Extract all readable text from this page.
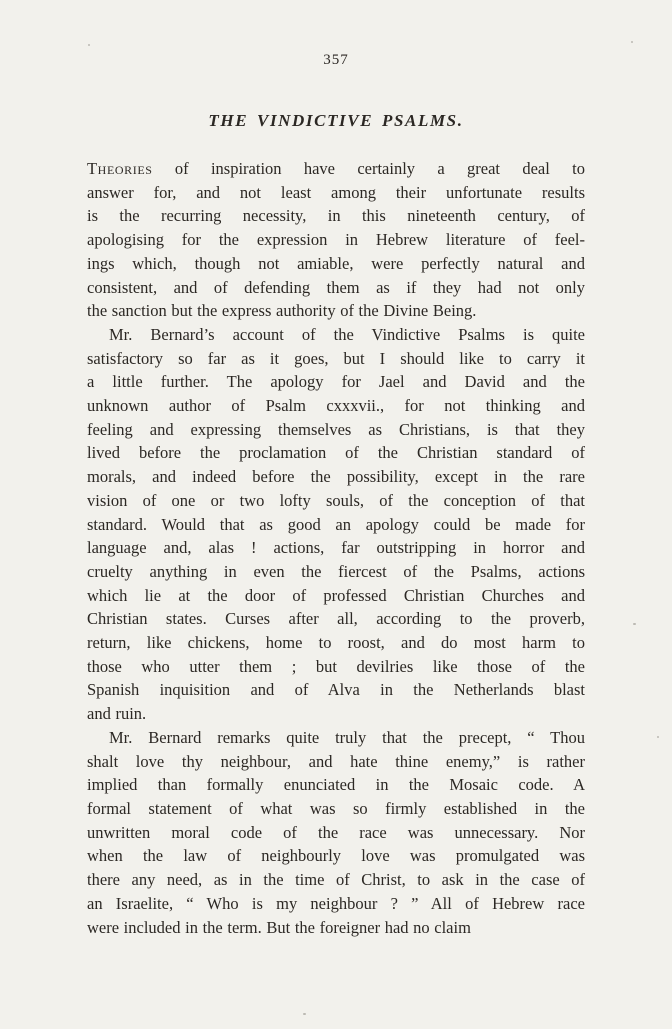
357
THE VINDICTIVE PSALMS.

Theories of inspiration have certainly a great deal to
answer for, and not least among their unfortunate results
is the recurring necessity, in this nineteenth century, of
apologising for the expression in Hebrew literature of feel-
ings which, though not amiable, were perfectly natural and
consistent, and of defending them as if they had not only
the sanction but the express authority of the Divine Being.

Mr. Bernard’s account of the Vindictive Psalms is quite
satisfactory so far as it goes, but I should like to carry it
a little further. The apology for Jael and David and the
unknown author of Psalm cxxxvii., for not thinking and
feeling and expressing themselves as Christians, is that they
lived before the proclamation of the Christian standard of
morals, and indeed before the possibility, except in the rare
vision of one or two lofty souls, of the conception of that
standard. Would that as good an apology could be made for
language and, alas ! actions, far outstripping in horror and
cruelty anything in even the fiercest of the Psalms, actions
which lie at the door of professed Christian Churches and
Christian states. Curses after all, according to the proverb,
return, like chickens, home to roost, and do most harm to
those who utter them ; but devilries like those of the
Spanish inquisition and of Alva in the Netherlands blast
and ruin.

Mr. Bernard remarks quite truly that the precept, “ Thou
shalt love thy neighbour, and hate thine enemy,” is rather
implied than formally enunciated in the Mosaic code. A
formal statement of what was so firmly established in the
unwritten moral code of the race was unnecessary. Nor
when the law of neighbourly love was promulgated was
there any need, as in the time of Christ, to ask in the case of
an Israelite, “ Who is my neighbour ? ” All of Hebrew race
were included in the term. But the foreigner had no claim
